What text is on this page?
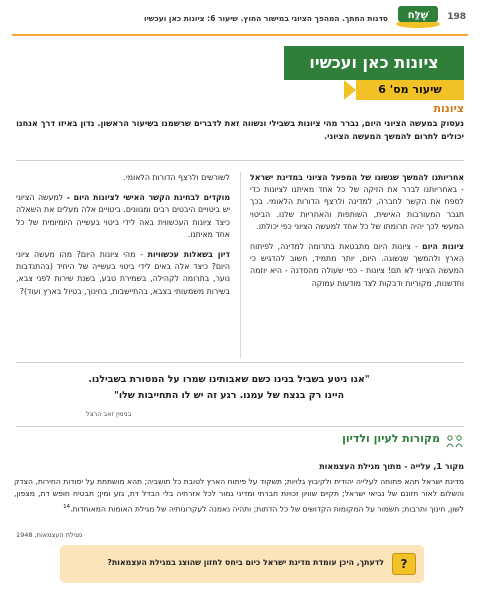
198
שֶׁלַּח
סדנות החתך. המהפך הציוני במישור החוץ. שיעור 6: ציונות כאן ועכשיו
ציונות כאן ועכשיו
שיעור מס' 6
ציונות
נעסוק במעשה הציוני היום, נברר מהי ציונות בשבילי ונשווה זאת לדברים שרשמנו בשיעור הראשון. נדון באיזו דרך אנחנו יכולים לתרום להמשך המעשה הציוני.

אחריותנו להמשך שגשוגו של המפעל הציוני במדינת ישראל - באחריותנו לברר את הזיקה של כל אחד מאיתנו לציונות כדי לספח את הקשר לחברה, למדינה ולרצף הדורות הלאומי. בכך תגבר המעורבות האישית, השותפות והאחריות שלנו. הביטוי המעשי לכך יהיה תרומתו של כל אחד למעשה הציוני כפי יכולתו.

ציונות היום - ציונות היום מתבטאת בתרומה למדינה, לפיתוח הארץ ולהמשך שגשוגה. היום, יותר מתמיד, חשוב להדגיש כי המעשה הציוני לא תם! ציונות - כפי שעולה מהסדנה - היא יוזמה וחדשנות, מקוריות ודבקות לצד מודעות עמוקה

לשורשים ולרצף הדורות הלאומי.

מוקדים לבחינת הקשר האישי לציונות היום - למעשה הציוני יש ביטויים היבטים רבים ומגוונים. ביטויים אלה מעלים את השאלה כיצד ציונות העכשווית באה לידי ביטוי בעשייה היומיומית של כל אחד מאיתנו.

דיון בשאלות עכשוויות - מהי ציונות היום? מהו מעשה ציוני היום? כיצד אלה באים לידי ביטוי בעשייה של היחיד (בהתנדבות נוער, בתרומה לקהילה, בשמירת טבע, בשנת שירות לפני צבא, בשירות משמעותי בצבא, בהתיישבות, בחינוך, בטיול בארץ ועוד)?

"אנו ניטע בשביל בנינו כשם שאבותינו שמרו על המסורת בשבילנו.
היינו רק בנצח של עמנו. רגע זה יש לו התחייבות שלו"
בנימין זאב הרצל
מקורות לעיון ולדיון
מקור 1, עלייה - מתוך מגילת העצמאות
מדינת ישראל תהא פתוחה לעלייה יהודית ולקיבוץ גלויות; תשקוד על פיתוח הארץ לטובת כל תושביה; תהא מושתתת על יסודות החירות, הצדק והשלום לאור חזונם של נביאי ישראל; תקיים שוויון זכויות חברתי ומדיני גמור לכל אזרחיה בלי הבדל דת, גזע ומין; תבטיח חופש דת, מצפון, לשון, חינוך ותרבות; תשמור על המקומות הקדושים של כל הדתות; ותהיה נאמנה לעקרונותיה של מגילת האומות המאוחדות.$^{14}$
מגילת העצמאות, 1948
לדעתך, היכן עומדת מדינת ישראל כיום ביחס לחזון שהוצג במגילת העצמאות?	?
